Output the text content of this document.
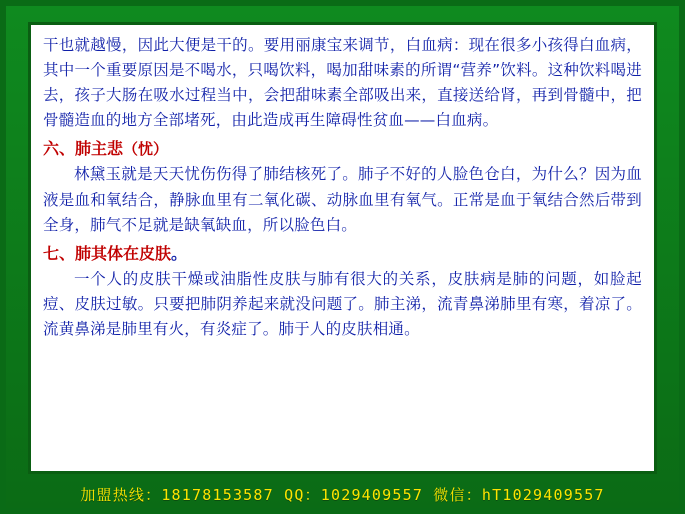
干也就越慢，因此大便是干的。要用丽康宝来调节，白血病：现在很多小孩得白血病，其中一个重要原因是不喝水，只喝饮料，喝加甜味素的所谓“营养”饮料。这种饮料喝进去，孩子大肠在吸水过程当中，会把甜味素全部吸出来，直接送给肾，再到骨髓中，把骨髓造血的地方全部堵死，由此造成再生障碍性贫血——白血病。

六、肺主悲（忧）

林黛玉就是天天忧伤伤得了肺结核死了。肺子不好的人脸色仓白，为什么？因为血液是血和氧结合，静脉血里有二氧化碳、动脉血里有氧气。正常是血于氧结合然后带到全身，肺气不足就是缺氧缺血，所以脸色白。

七、肺其体在皮肤。

一个人的皮肤干燥或油脂性皮肤与肺有很大的关系，皮肤病是肺的问题，如脸起痘、皮肤过敏。只要把肺阴养起来就没问题了。肺主涕，流青鼻涕肺里有寒，着凉了。流黄鼻涕是肺里有火，有炎症了。肺于人的皮肤相通。

加盟热线：18178153587 QQ：1029409557 微信：hT1029409557
